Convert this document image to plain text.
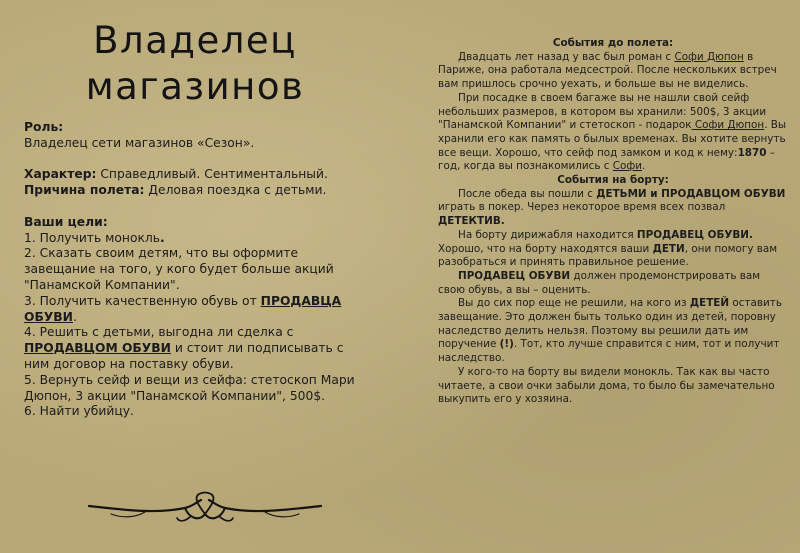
Владелец
магазинов

Роль:

Владелец сети магазинов «Сезон».

Характер: Справедливый. Сентиментальный.

Причина полета: Деловая поездка с детьми.

Ваши цели:

1. Получить монокль.

2. Сказать своим детям, что вы оформите завещание на того, у кого будет больше акций "Панамской Компании".

3. Получить качественную обувь от ПРОДАВЦА ОБУВИ.

4. Решить с детьми, выгодна ли сделка с ПРОДАВЦОМ ОБУВИ и стоит ли подписывать с ним договор на поставку обуви.

5. Вернуть сейф и вещи из сейфа: стетоскоп Мари Дюпон, 3 акции "Панамской Компании", 500$.

6. Найти убийцу.

События до полета:

Двадцать лет назад у вас был роман с Софи Дюпон в Париже, она работала медсестрой. После нескольких встреч вам пришлось срочно уехать, и больше вы не виделись.

При посадке в своем багаже вы не нашли свой сейф небольших размеров, в котором вы хранили: 500$, 3 акции "Панамской Компании" и стетоскоп - подарок Софи Дюпон. Вы хранили его как память о былых временах. Вы хотите вернуть все вещи. Хорошо, что сейф под замком и код к нему:1870 – год, когда вы познакомились с Софи.

События на борту:

После обеда вы пошли с ДЕТЬМИ и ПРОДАВЦОМ ОБУВИ играть в покер. Через некоторое время всех позвал ДЕТЕКТИВ.

На борту дирижабля находится ПРОДАВЕЦ ОБУВИ. Хорошо, что на борту находятся ваши ДЕТИ, они помогу вам разобраться и принять правильное решение.

ПРОДАВЕЦ ОБУВИ должен продемонстрировать вам свою обувь, а вы – оценить.

Вы до сих пор еще не решили, на кого из ДЕТЕЙ оставить завещание. Это должен быть только один из детей, поровну наследство делить нельзя. Поэтому вы решили дать им поручение (!). Тот, кто лучше справится с ним, тот и получит наследство.

У кого-то на борту вы видели монокль. Так как вы часто читаете, а свои очки забыли дома, то было бы замечательно выкупить его у хозяина.
